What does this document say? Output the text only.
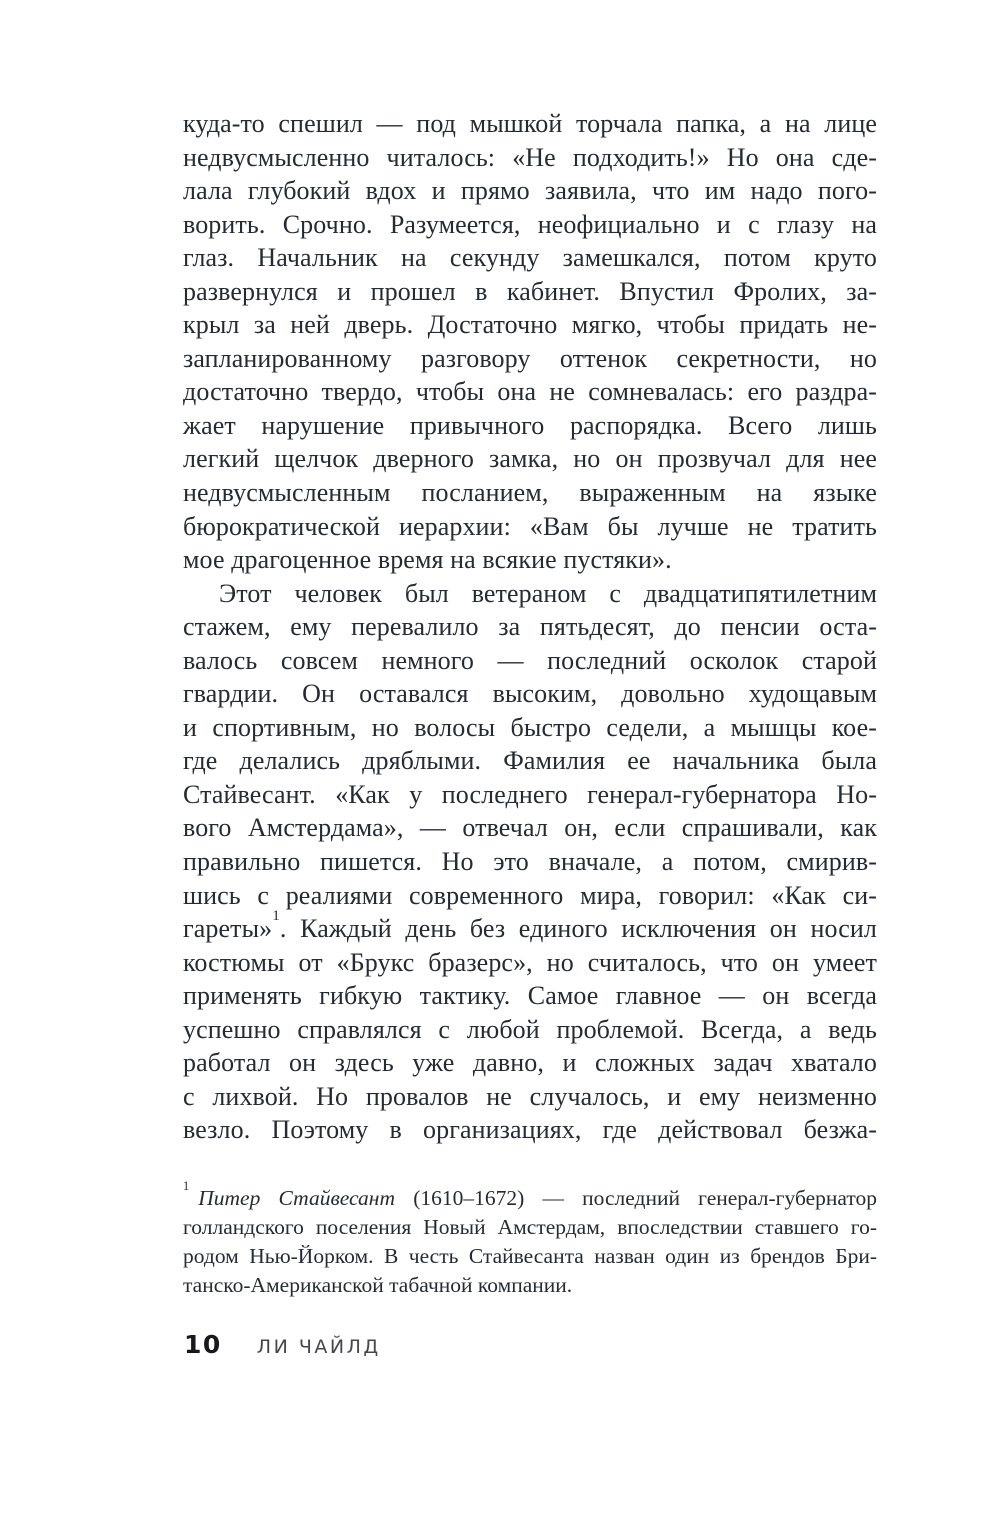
куда-то спешил — под мышкой торчала папка, а на лице
недвусмысленно читалось: «Не подходить!» Но она сде-
лала глубокий вдох и прямо заявила, что им надо пого-
ворить. Срочно. Разумеется, неофициально и с глазу на
глаз. Начальник на секунду замешкался, потом круто
развернулся и прошел в кабинет. Впустил Фролих, за-
крыл за ней дверь. Достаточно мягко, чтобы придать не-
запланированному разговору оттенок секретности, но
достаточно твердо, чтобы она не сомневалась: его раздра-
жает нарушение привычного распорядка. Всего лишь
легкий щелчок дверного замка, но он прозвучал для нее
недвусмысленным посланием, выраженным на языке
бюрократической иерархии: «Вам бы лучше не тратить
мое драгоценное время на всякие пустяки».
Этот человек был ветераном с двадцатипятилетним
стажем, ему перевалило за пятьдесят, до пенсии оста-
валось совсем немного — последний осколок старой
гвардии. Он оставался высоким, довольно худощавым
и спортивным, но волосы быстро седели, а мышцы кое-
где делались дряблыми. Фамилия ее начальника была
Стайвесант. «Как у последнего генерал-губернатора Но-
вого Амстердама», — отвечал он, если спрашивали, как
правильно пишется. Но это вначале, а потом, смирив-
шись с реалиями современного мира, говорил: «Как си-
гареты»$^1$. Каждый день без единого исключения он носил
костюмы от «Брукс бразерс», но считалось, что он умеет
применять гибкую тактику. Самое главное — он всегда
успешно справлялся с любой проблемой. Всегда, а ведь
работал он здесь уже давно, и сложных задач хватало
с лихвой. Но провалов не случалось, и ему неизменно
везло. Поэтому в организациях, где действовал безжа-
$^1$ Питер Стайвесант (1610–1672) — последний генерал-губернатор
голландского поселения Новый Амстердам, впоследствии ставшего го-
родом Нью-Йорком. В честь Стайвесанта назван один из брендов Бри-
танско-Американской табачной компании.
10 ЛИ ЧАЙЛД
